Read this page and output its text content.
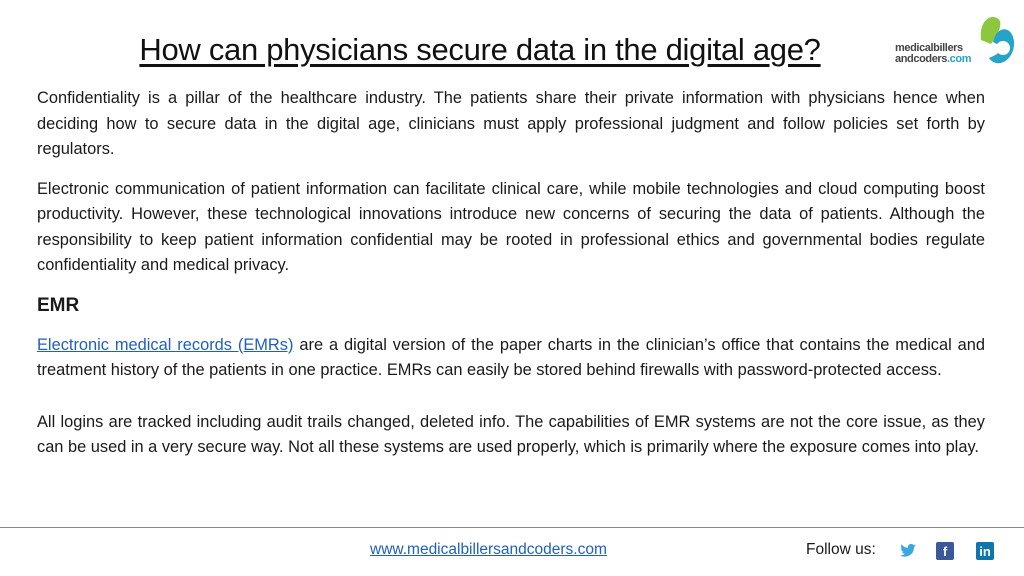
How can physicians secure data in the digital age?	medicalbillers
andcoders.com

Confidentiality is a pillar of the healthcare industry. The patients share their private information with physicians hence when deciding how to secure data in the digital age, clinicians must apply professional judgment and follow policies set forth by regulators.

Electronic communication of patient information can facilitate clinical care, while mobile technologies and cloud computing boost productivity. However, these technological innovations introduce new concerns of securing the data of patients. Although the responsibility to keep patient information confidential may be rooted in professional ethics and governmental bodies regulate confidentiality and medical privacy.

EMR

Electronic medical records (EMRs) are a digital version of the paper charts in the clinician’s office that contains the medical and treatment history of the patients in one practice. EMRs can easily be stored behind firewalls with password-protected access.

All logins are tracked including audit trails changed, deleted info. The capabilities of EMR systems are not the core issue, as they can be used in a very secure way. Not all these systems are used properly, which is primarily where the exposure comes into play.

www.medicalbillersandcoders.com	Follow us:	f	in
